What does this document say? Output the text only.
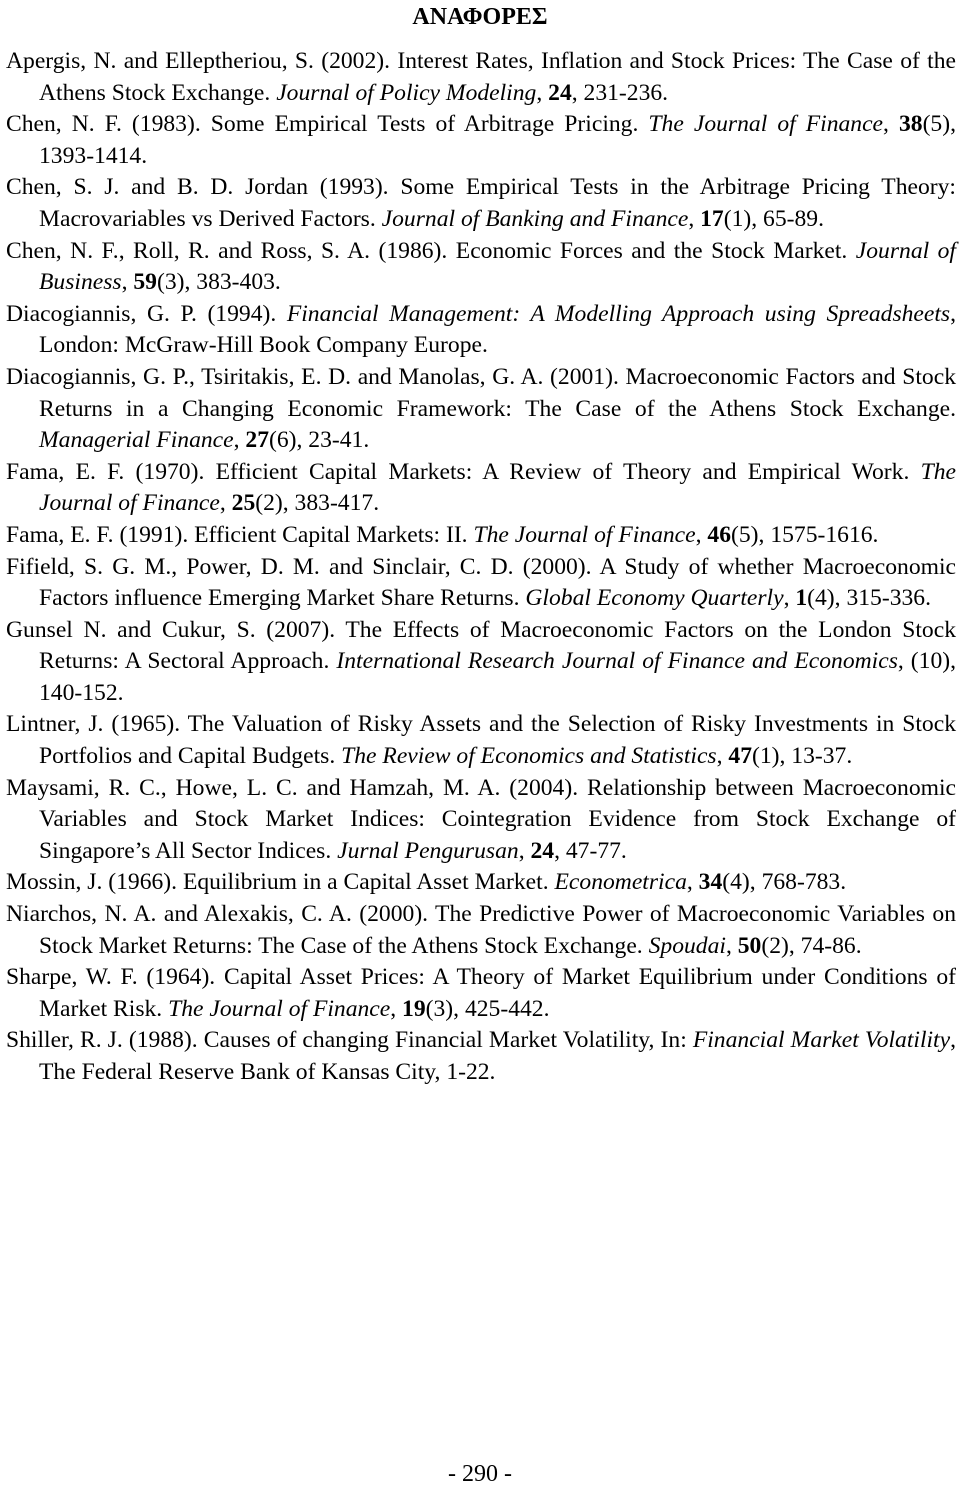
ΑΝΑΦΟΡΕΣ

Apergis, N. and Elleptheriou, S. (2002). Interest Rates, Inflation and Stock Prices: The Case of the Athens Stock Exchange. Journal of Policy Modeling, 24, 231-236.

Chen, N. F. (1983). Some Empirical Tests of Arbitrage Pricing. The Journal of Finance, 38(5), 1393-1414.

Chen, S. J. and B. D. Jordan (1993). Some Empirical Tests in the Arbitrage Pricing Theory: Macrovariables vs Derived Factors. Journal of Banking and Finance, 17(1), 65-89.

Chen, N. F., Roll, R. and Ross, S. A. (1986). Economic Forces and the Stock Market. Journal of Business, 59(3), 383-403.

Diacogiannis, G. P. (1994). Financial Management: A Modelling Approach using Spreadsheets, London: McGraw-Hill Book Company Europe.

Diacogiannis, G. P., Tsiritakis, E. D. and Manolas, G. A. (2001). Macroeconomic Factors and Stock Returns in a Changing Economic Framework: The Case of the Athens Stock Exchange. Managerial Finance, 27(6), 23-41.

Fama, E. F. (1970). Efficient Capital Markets: A Review of Theory and Empirical Work. The Journal of Finance, 25(2), 383-417.

Fama, E. F. (1991). Efficient Capital Markets: II. The Journal of Finance, 46(5), 1575-1616.

Fifield, S. G. M., Power, D. M. and Sinclair, C. D. (2000). A Study of whether Macroeconomic Factors influence Emerging Market Share Returns. Global Economy Quarterly, 1(4), 315-336.

Gunsel N. and Cukur, S. (2007). The Effects of Macroeconomic Factors on the London Stock Returns: A Sectoral Approach. International Research Journal of Finance and Economics, (10), 140-152.

Lintner, J. (1965). The Valuation of Risky Assets and the Selection of Risky Investments in Stock Portfolios and Capital Budgets. The Review of Economics and Statistics, 47(1), 13-37.

Maysami, R. C., Howe, L. C. and Hamzah, M. A. (2004). Relationship between Macroeconomic Variables and Stock Market Indices: Cointegration Evidence from Stock Exchange of Singapore’s All Sector Indices. Jurnal Pengurusan, 24, 47-77.

Mossin, J. (1966). Equilibrium in a Capital Asset Market. Econometrica, 34(4), 768-783.

Niarchos, N. A. and Alexakis, C. A. (2000). The Predictive Power of Macroeconomic Variables on Stock Market Returns: The Case of the Athens Stock Exchange. Spoudai, 50(2), 74-86.

Sharpe, W. F. (1964). Capital Asset Prices: A Theory of Market Equilibrium under Conditions of Market Risk. The Journal of Finance, 19(3), 425-442.

Shiller, R. J. (1988). Causes of changing Financial Market Volatility, In: Financial Market Volatility, The Federal Reserve Bank of Kansas City, 1-22.

- 290 -
